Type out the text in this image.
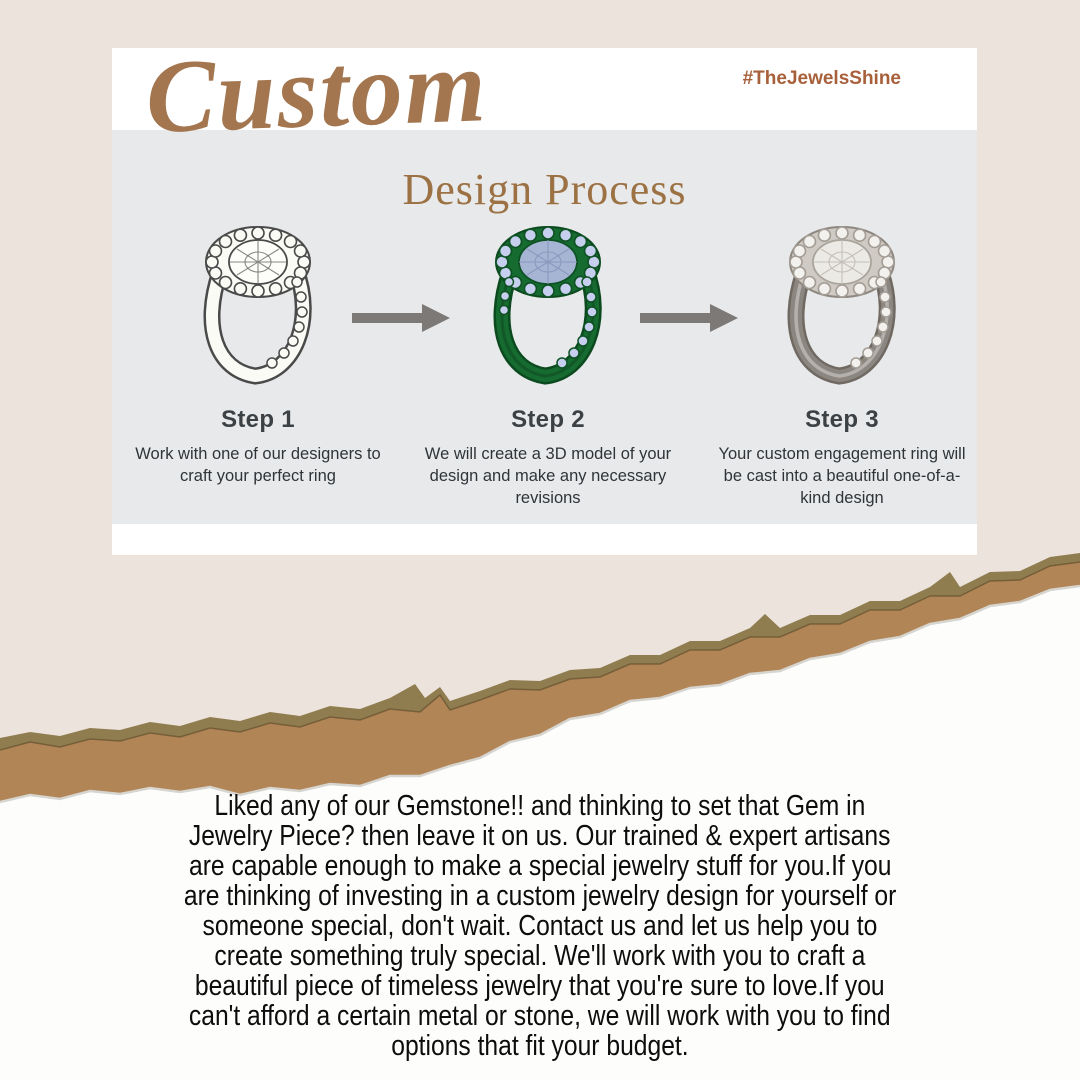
Custom
Design Process
#TheJewelsShine
Step 1
Work with one of our designers to craft your perfect ring
Step 2
We will create a 3D model of your design and make any necessary revisions
Step 3
Your custom engagement ring will be cast into a beautiful one-of-a-kind design
Liked any of our Gemstone!! and thinking to set that Gem in
Jewelry Piece? then leave it on us. Our trained & expert artisans
are capable enough to make a special jewelry stuff for you.If you
are thinking of investing in a custom jewelry design for yourself or
someone special, don't wait. Contact us and let us help you to
create something truly special. We'll work with you to craft a
beautiful piece of timeless jewelry that you're sure to love.If you
can't afford a certain metal or stone, we will work with you to find
options that fit your budget.
